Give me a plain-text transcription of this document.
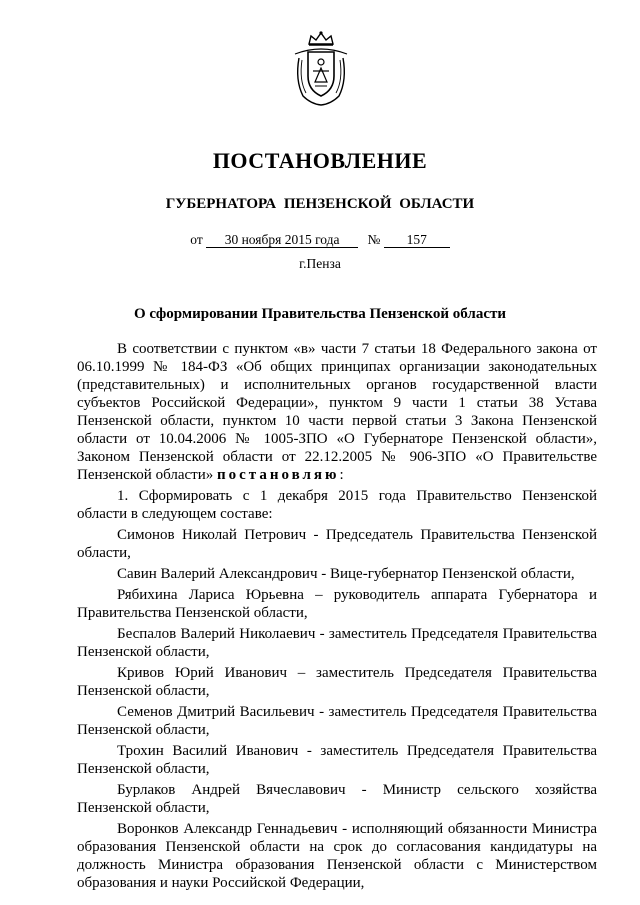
ПОСТАНОВЛЕНИЕ
ГУБЕРНАТОРА ПЕНЗЕНСКОЙ ОБЛАСТИ
от 30 ноября 2015 года № 157
г.Пенза
О сформировании Правительства Пензенской области

В соответствии с пунктом «в» части 7 статьи 18 Федерального закона от 06.10.1999 № 184-ФЗ «Об общих принципах организации законодательных (представительных) и исполнительных органов государственной власти субъектов Российской Федерации», пунктом 9 части 1 статьи 38 Устава Пензенской области, пунктом 10 части первой статьи 3 Закона Пензенской области от 10.04.2006 № 1005-ЗПО «О Губернаторе Пензенской области», Законом Пензенской области от 22.12.2005 № 906-ЗПО «О Правительстве Пензенской области» постановляю:

1. Сформировать с 1 декабря 2015 года Правительство Пензенской области в следующем составе:

Симонов Николай Петрович - Председатель Правительства Пензенской области,

Савин Валерий Александрович - Вице-губернатор Пензенской области,

Рябихина Лариса Юрьевна – руководитель аппарата Губернатора и Правительства Пензенской области,

Беспалов Валерий Николаевич - заместитель Председателя Правительства Пензенской области,

Кривов Юрий Иванович – заместитель Председателя Правительства Пензенской области,

Семенов Дмитрий Васильевич - заместитель Председателя Правительства Пензенской области,

Трохин Василий Иванович - заместитель Председателя Правительства Пензенской области,

Бурлаков Андрей Вячеславович - Министр сельского хозяйства Пензенской области,

Воронков Александр Геннадьевич - исполняющий обязанности Министра образования Пензенской области на срок до согласования кандидатуры на должность Министра образования Пензенской области с Министерством образования и науки Российской Федерации,
